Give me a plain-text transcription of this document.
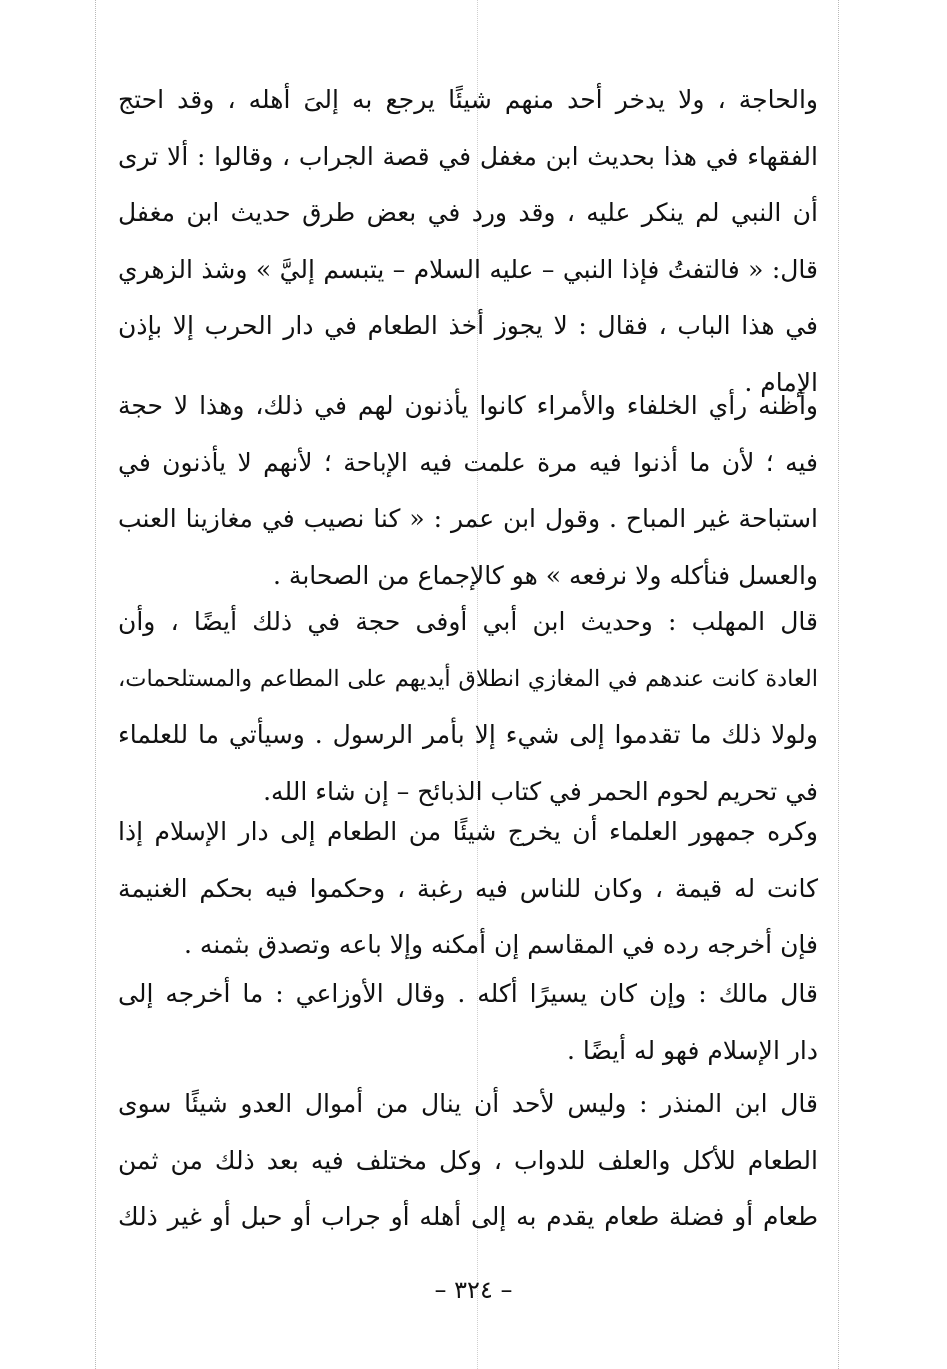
والحاجة ، ولا يدخر أحد منهم شيئًا يرجع به إلىَ أهله ، وقد احتج
الفقهاء في هذا بحديث ابن مغفل في قصة الجراب ، وقالوا : ألا ترى
أن النبي لم ينكر عليه ، وقد ورد في بعض طرق حديث ابن مغفل
قال: « فالتفتُ فإذا النبي – عليه السلام – يتبسم إليَّ » وشذ الزهري
في هذا الباب ، فقال : لا يجوز أخذ الطعام في دار الحرب إلا بإذن
الإمام .
وأظنه رأي الخلفاء والأمراء كانوا يأذنون لهم في ذلك، وهذا لا حجة
فيه ؛ لأن ما أذنوا فيه مرة علمت فيه الإباحة ؛ لأنهم لا يأذنون في
استباحة غير المباح . وقول ابن عمر : « كنا نصيب في مغازينا العنب
والعسل فنأكله ولا نرفعه » هو كالإجماع من الصحابة .
قال المهلب : وحديث ابن أبي أوفى حجة في ذلك أيضًا ، وأن
العادة كانت عندهم في المغازي انطلاق أيديهم على المطاعم والمستلحمات،
ولولا ذلك ما تقدموا إلى شيء إلا بأمر الرسول . وسيأتي ما للعلماء
في تحريم لحوم الحمر في كتاب الذبائح – إن شاء الله.
وكره جمهور العلماء أن يخرج شيئًا من الطعام إلى دار الإسلام إذا
كانت له قيمة ، وكان للناس فيه رغبة ، وحكموا فيه بحكم الغنيمة
فإن أخرجه رده في المقاسم إن أمكنه وإلا باعه وتصدق بثمنه .
قال مالك : وإن كان يسيرًا أكله . وقال الأوزاعي : ما أخرجه إلى
دار الإسلام فهو له أيضًا .
قال ابن المنذر : وليس لأحد أن ينال من أموال العدو شيئًا سوى
الطعام للأكل والعلف للدواب ، وكل مختلف فيه بعد ذلك من ثمن
طعام أو فضلة طعام يقدم به إلى أهله أو جراب أو حبل أو غير ذلك
– ٣٢٤ –
